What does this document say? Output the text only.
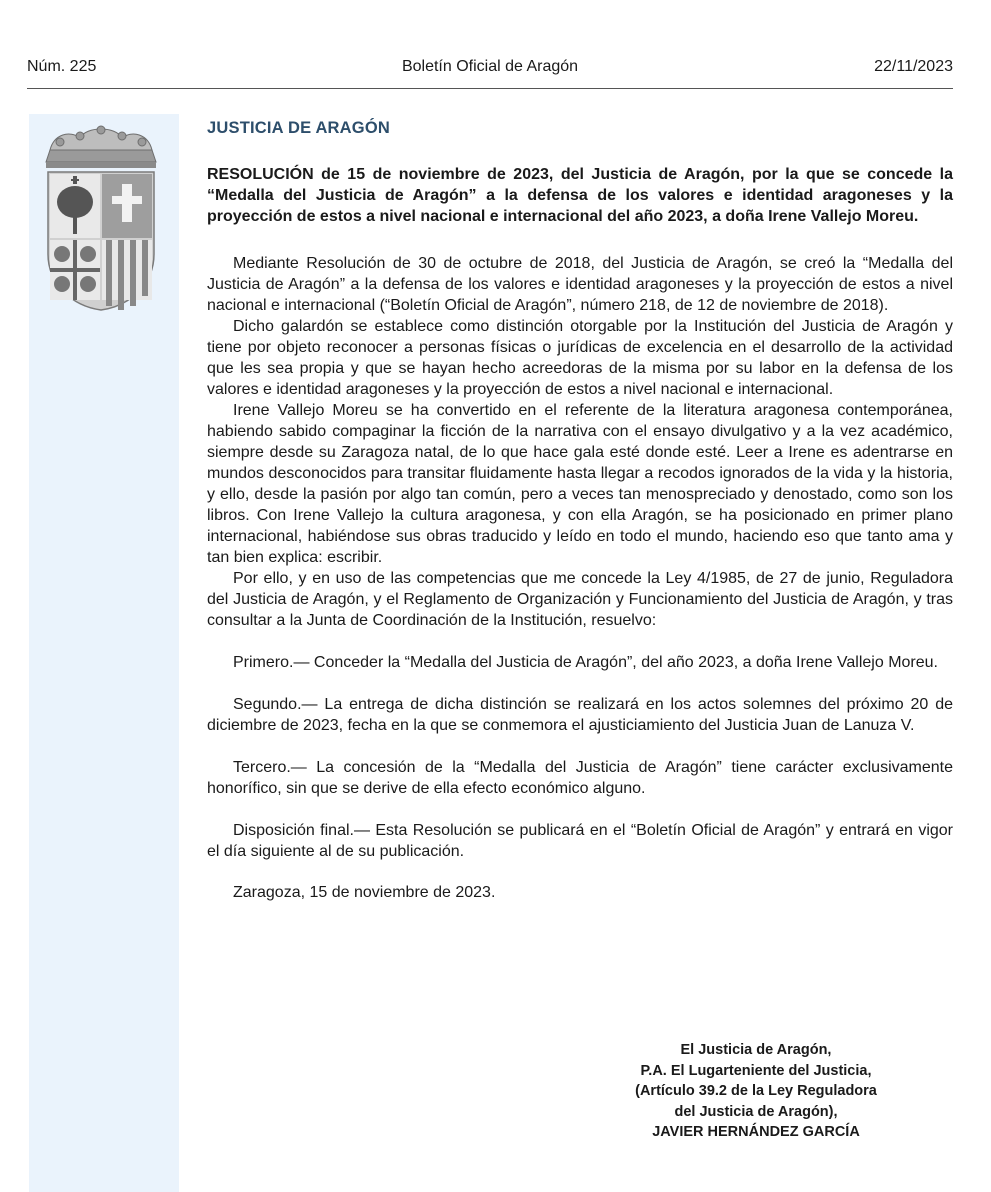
Núm. 225	Boletín Oficial de Aragón	22/11/2023
JUSTICIA DE ARAGÓN
RESOLUCIÓN de 15 de noviembre de 2023, del Justicia de Aragón, por la que se concede la “Medalla del Justicia de Aragón” a la defensa de los valores e identidad aragoneses y la proyección de estos a nivel nacional e internacional del año 2023, a doña Irene Vallejo Moreu.

Mediante Resolución de 30 de octubre de 2018, del Justicia de Aragón, se creó la “Medalla del Justicia de Aragón” a la defensa de los valores e identidad aragoneses y la proyección de estos a nivel nacional e internacional (“Boletín Oficial de Aragón”, número 218, de 12 de noviembre de 2018).

Dicho galardón se establece como distinción otorgable por la Institución del Justicia de Aragón y tiene por objeto reconocer a personas físicas o jurídicas de excelencia en el desarrollo de la actividad que les sea propia y que se hayan hecho acreedoras de la misma por su labor en la defensa de los valores e identidad aragoneses y la proyección de estos a nivel nacional e internacional.

Irene Vallejo Moreu se ha convertido en el referente de la literatura aragonesa contemporánea, habiendo sabido compaginar la ficción de la narrativa con el ensayo divulgativo y a la vez académico, siempre desde su Zaragoza natal, de lo que hace gala esté donde esté. Leer a Irene es adentrarse en mundos desconocidos para transitar fluidamente hasta llegar a recodos ignorados de la vida y la historia, y ello, desde la pasión por algo tan común, pero a veces tan menospreciado y denostado, como son los libros. Con Irene Vallejo la cultura aragonesa, y con ella Aragón, se ha posicionado en primer plano internacional, habiéndose sus obras traducido y leído en todo el mundo, haciendo eso que tanto ama y tan bien explica: escribir.

Por ello, y en uso de las competencias que me concede la Ley 4/1985, de 27 de junio, Reguladora del Justicia de Aragón, y el Reglamento de Organización y Funcionamiento del Justicia de Aragón, y tras consultar a la Junta de Coordinación de la Institución, resuelvo:

Primero.— Conceder la “Medalla del Justicia de Aragón”, del año 2023, a doña Irene Vallejo Moreu.

Segundo.— La entrega de dicha distinción se realizará en los actos solemnes del próximo 20 de diciembre de 2023, fecha en la que se conmemora el ajusticiamiento del Justicia Juan de Lanuza V.

Tercero.— La concesión de la “Medalla del Justicia de Aragón” tiene carácter exclusivamente honorífico, sin que se derive de ella efecto económico alguno.

Disposición final.— Esta Resolución se publicará en el “Boletín Oficial de Aragón” y entrará en vigor el día siguiente al de su publicación.

Zaragoza, 15 de noviembre de 2023.

El Justicia de Aragón,
P.A. El Lugarteniente del Justicia,
(Artículo 39.2 de la Ley Reguladora
del Justicia de Aragón),
JAVIER HERNÁNDEZ GARCÍA
